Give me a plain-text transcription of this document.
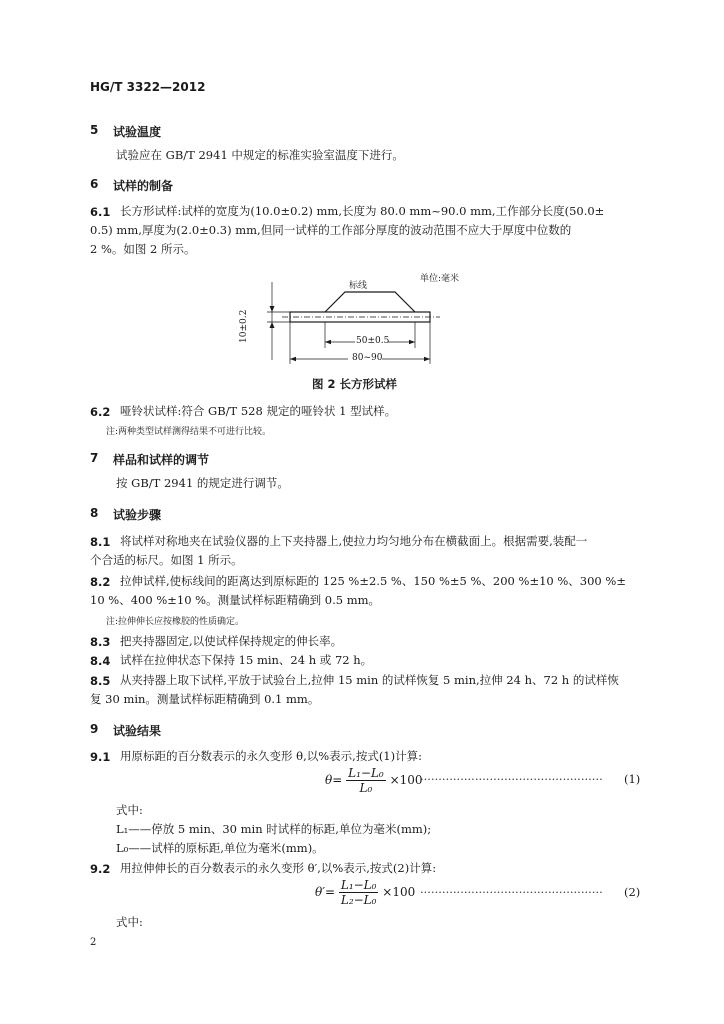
HG/T 3322—2012
5 试验温度
试验应在 GB/T 2941 中规定的标准实验室温度下进行。
6 试样的制备
6.1 长方形试样:试样的宽度为(10.0±0.2) mm,长度为 80.0 mm~90.0 mm,工作部分长度(50.0±
0.5) mm,厚度为(2.0±0.3) mm,但同一试样的工作部分厚度的波动范围不应大于厚度中位数的
2 %。如图 2 所示。
单位:毫米
标线
50±0.5
80~90
10±0.2
图 2 长方形试样
6.2 哑铃状试样:符合 GB/T 528 规定的哑铃状 1 型试样。
注:两种类型试样测得结果不可进行比较。
7 样品和试样的调节
按 GB/T 2941 的规定进行调节。
8 试验步骤
8.1 将试样对称地夹在试验仪器的上下夹持器上,使拉力均匀地分布在横截面上。根据需要,装配一
个合适的标尺。如图 1 所示。
8.2 拉伸试样,使标线间的距离达到原标距的 125 %±2.5 %、150 %±5 %、200 %±10 %、300 %±
10 %、400 %±10 %。测量试样标距精确到 0.5 mm。
注:拉伸伸长应按橡胶的性质确定。
8.3 把夹持器固定,以使试样保持规定的伸长率。
8.4 试样在拉伸状态下保持 15 min、24 h 或 72 h。
8.5 从夹持器上取下试样,平放于试验台上,拉伸 15 min 的试样恢复 5 min,拉伸 24 h、72 h 的试样恢
复 30 min。测量试样标距精确到 0.1 mm。
9 试验结果
9.1 用原标距的百分数表示的永久变形 θ,以%表示,按式(1)计算:
$\theta= \frac{\text{L₁−L₀}}{\text{L₀}} \times 100$
·················································· (1)
式中:
L₁——停放 5 min、30 min 时试样的标距,单位为毫米(mm);
L₀——试样的原标距,单位为毫米(mm)。
9.2 用拉伸伸长的百分数表示的永久变形 θ′,以%表示,按式(2)计算:
$\theta'= \frac{\text{L₁−L₀}}{\text{L₂−L₀}} \times 100$ ·················································· (2)
式中:
2
